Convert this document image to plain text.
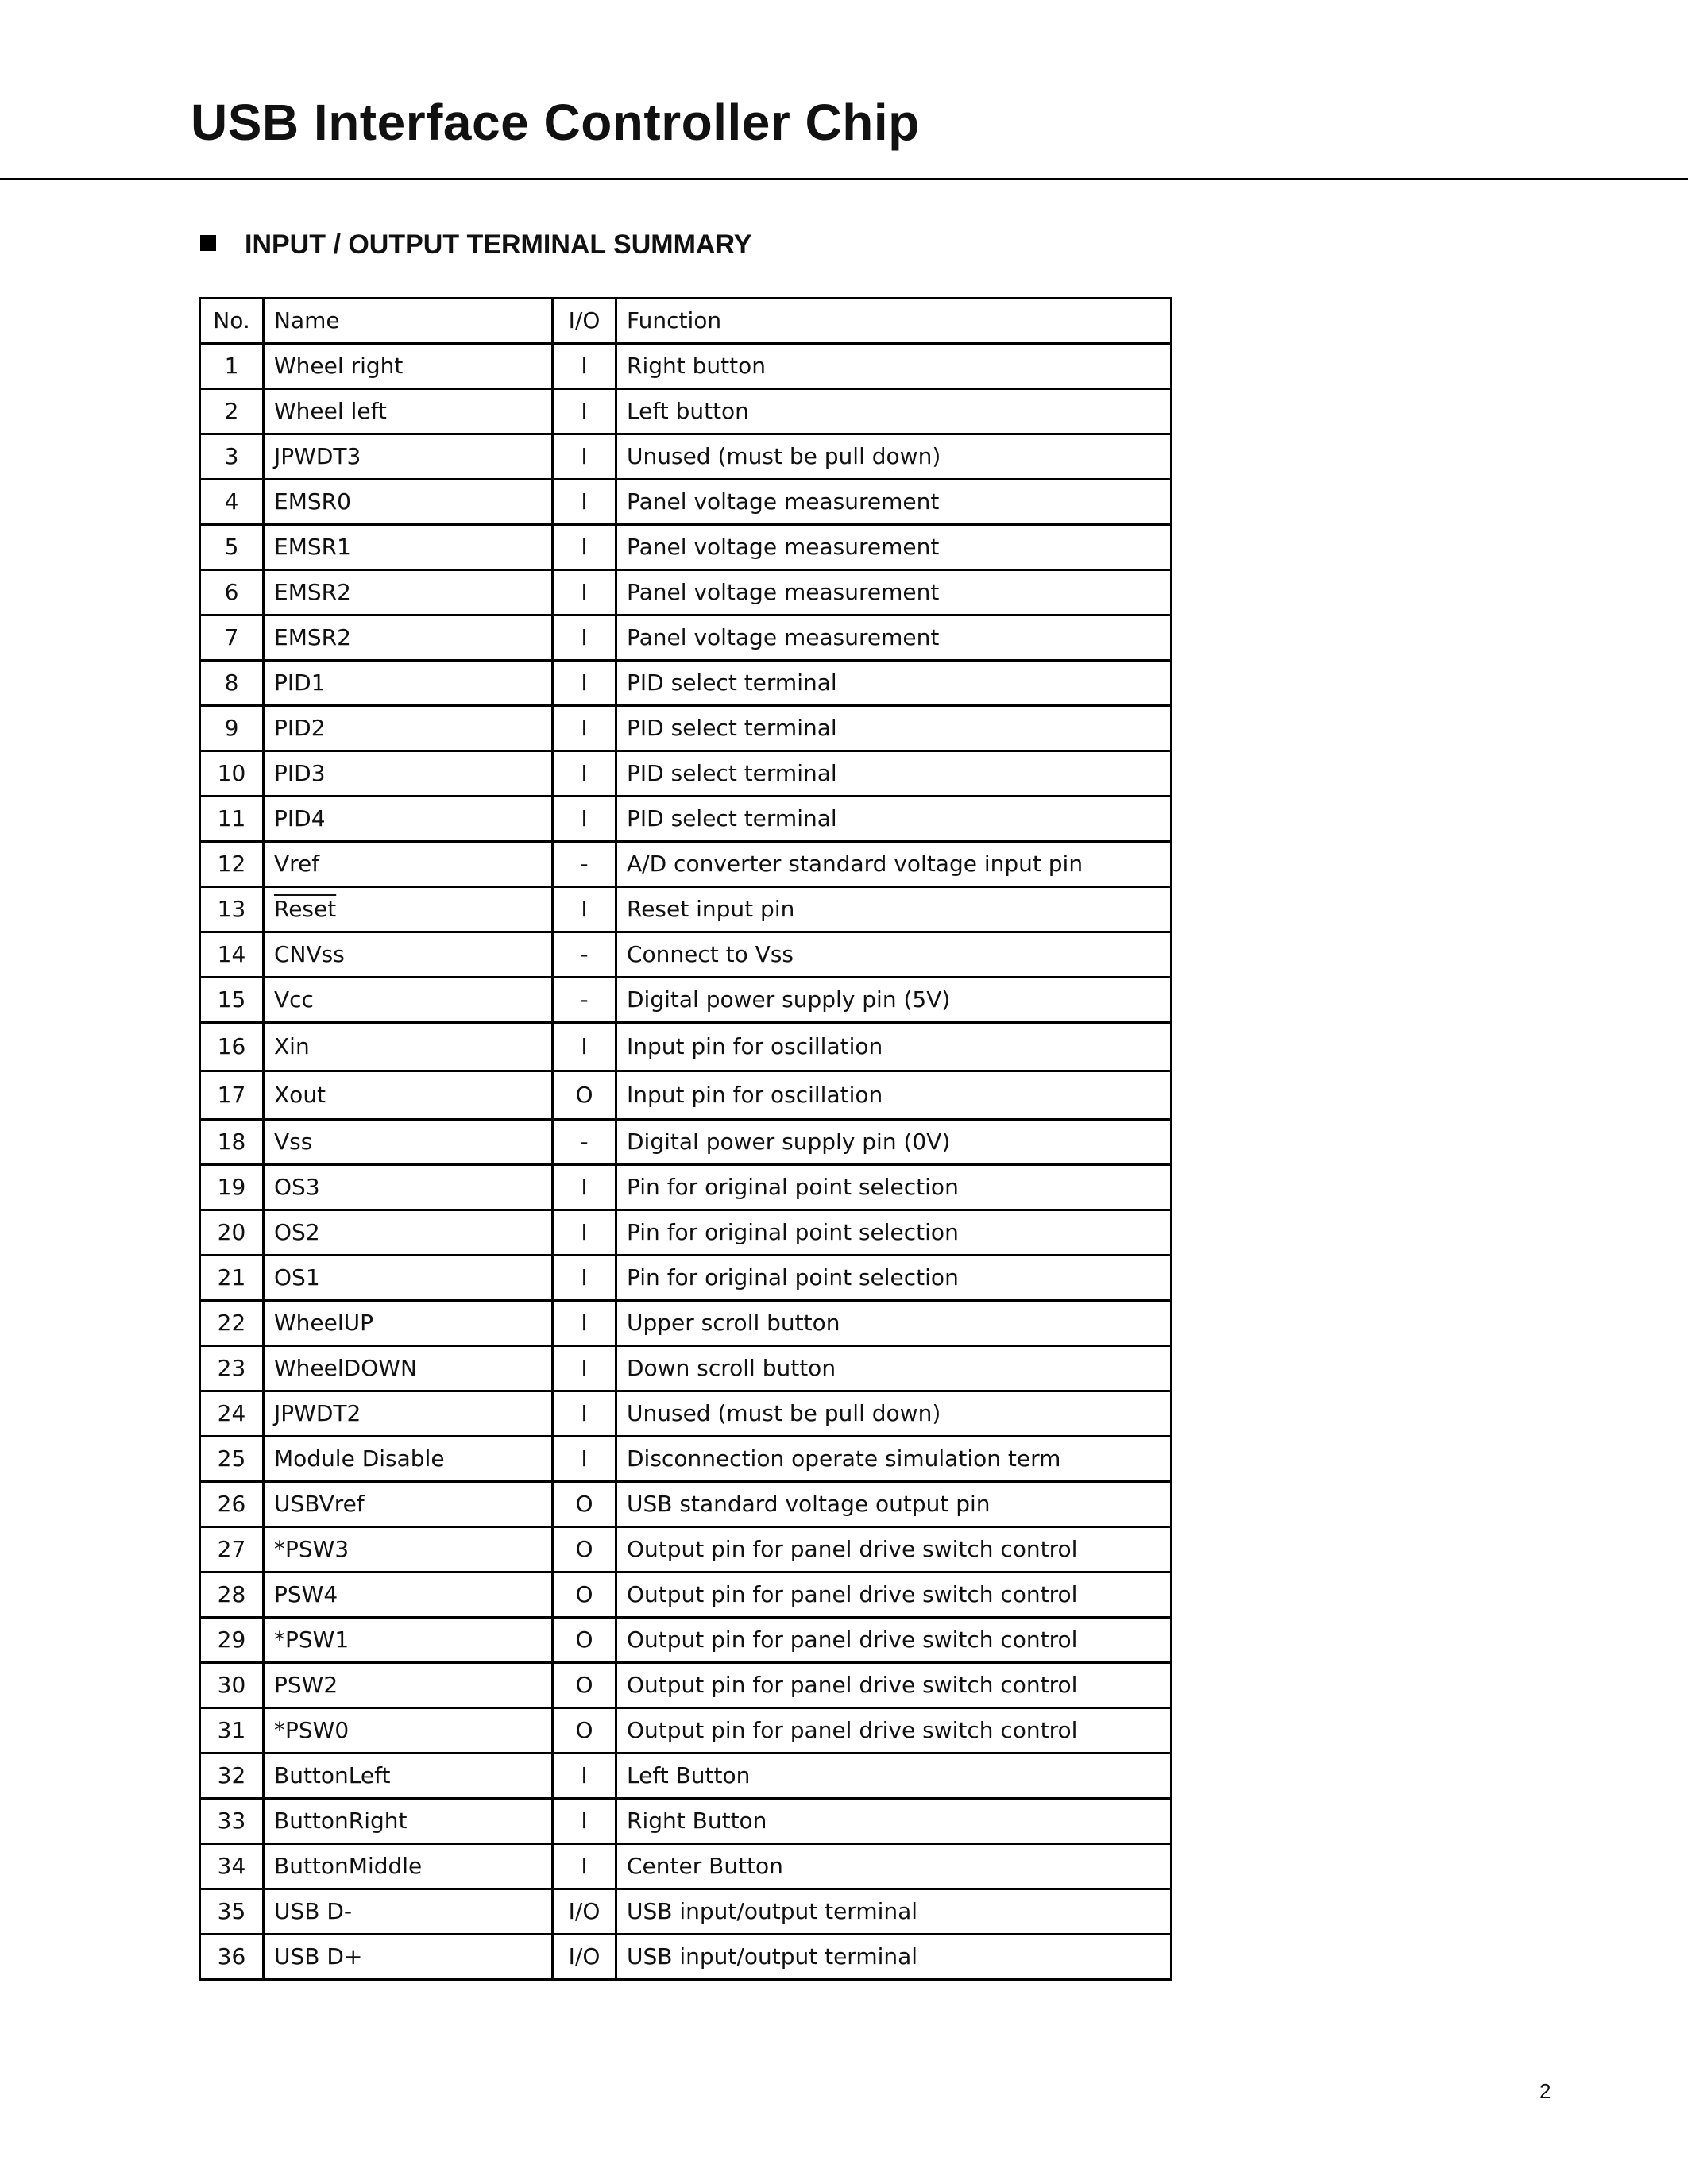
USB Interface Controller Chip
INPUT / OUTPUT TERMINAL SUMMARY
No.	Name	I/O	Function
1	Wheel right	I	Right button
2	Wheel left	I	Left button
3	JPWDT3	I	Unused (must be pull down)
4	EMSR0	I	Panel voltage measurement
5	EMSR1	I	Panel voltage measurement
6	EMSR2	I	Panel voltage measurement
7	EMSR2	I	Panel voltage measurement
8	PID1	I	PID select terminal
9	PID2	I	PID select terminal
10	PID3	I	PID select terminal
11	PID4	I	PID select terminal
12	Vref	-	A/D converter standard voltage input pin
13	Reset	I	Reset input pin
14	CNVss	-	Connect to Vss
15	Vcc	-	Digital power supply pin (5V)
16	Xin	I	Input pin for oscillation
17	Xout	O	Input pin for oscillation
18	Vss	-	Digital power supply pin (0V)
19	OS3	I	Pin for original point selection
20	OS2	I	Pin for original point selection
21	OS1	I	Pin for original point selection
22	WheelUP	I	Upper scroll button
23	WheelDOWN	I	Down scroll button
24	JPWDT2	I	Unused (must be pull down)
25	Module Disable	I	Disconnection operate simulation term
26	USBVref	O	USB standard voltage output pin
27	*PSW3	O	Output pin for panel drive switch control
28	PSW4	O	Output pin for panel drive switch control
29	*PSW1	O	Output pin for panel drive switch control
30	PSW2	O	Output pin for panel drive switch control
31	*PSW0	O	Output pin for panel drive switch control
32	ButtonLeft	I	Left Button
33	ButtonRight	I	Right Button
34	ButtonMiddle	I	Center Button
35	USB D-	I/O	USB input/output terminal
36	USB D+	I/O	USB input/output terminal
2
